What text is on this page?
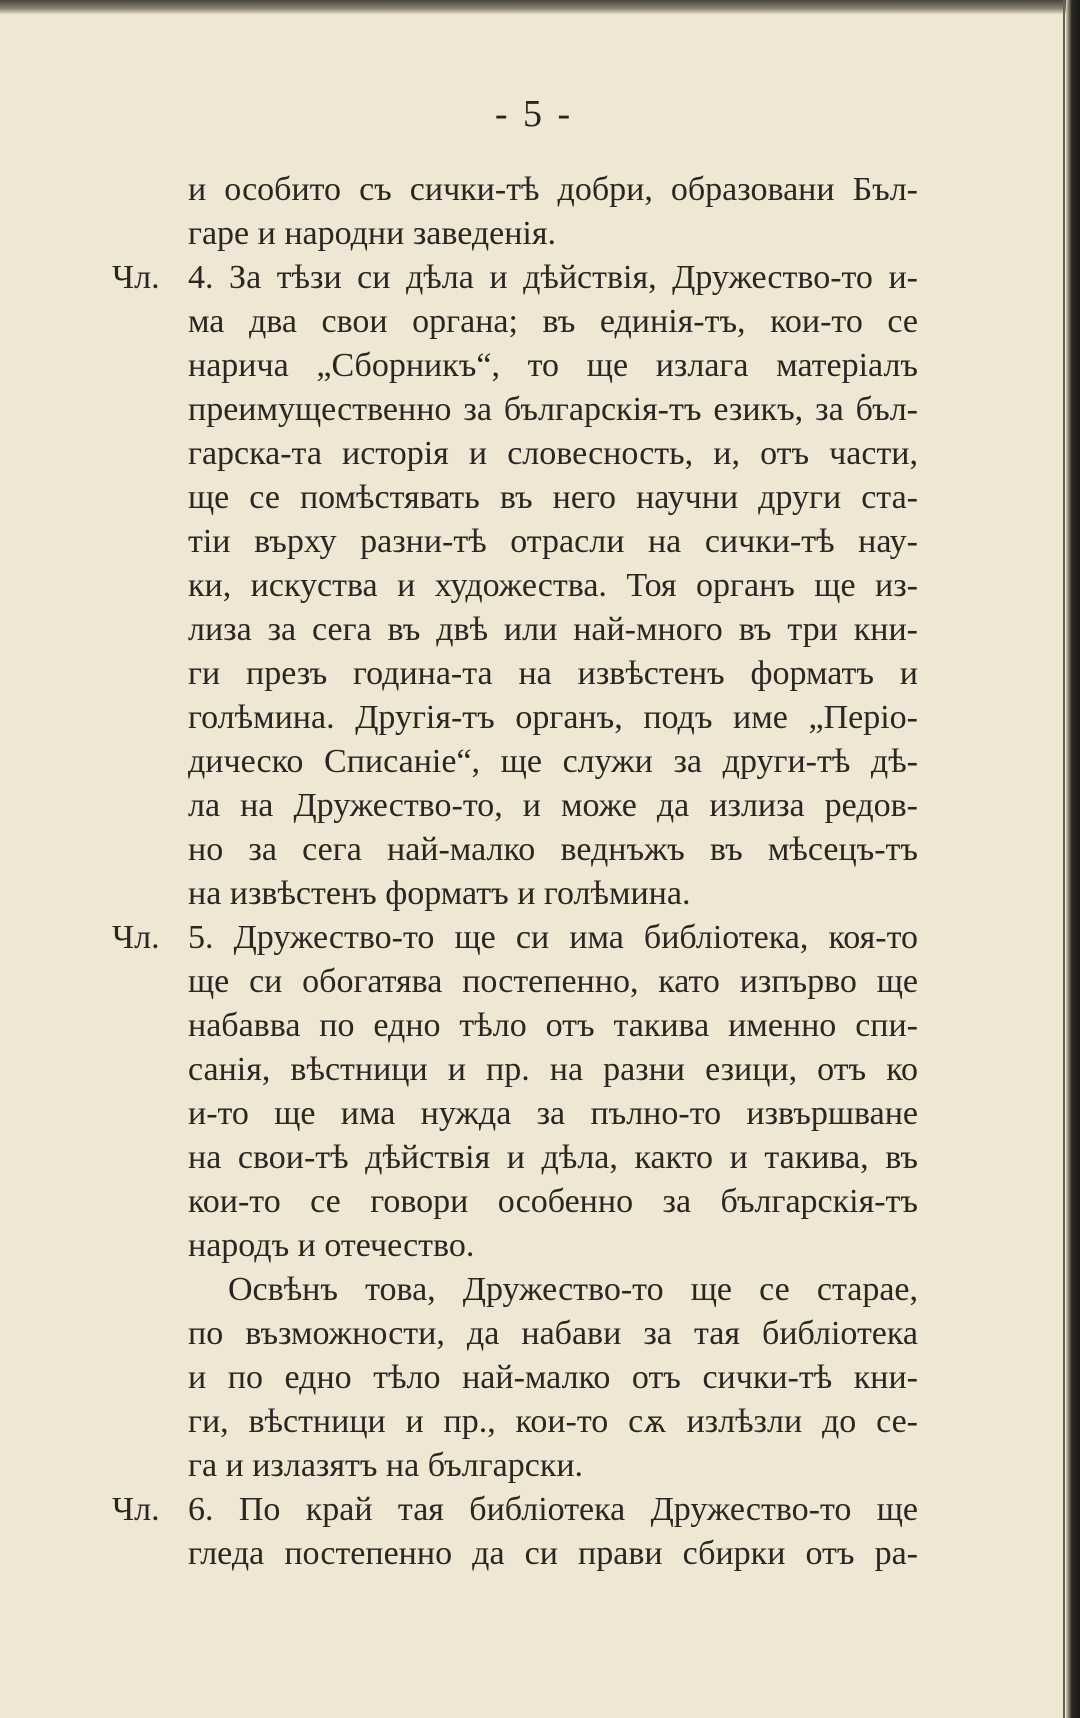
- 5 -
и особито съ сички-тѣ добри, образовани Бъл-
гаре и народни заведенія.
Чл. 4. За тѣзи си дѣла и дѣйствія, Дружество-то и-
ма два свои органа; въ единія-тъ, кои-то се
нарича „Сборникъ“, то ще излага матеріалъ
преимущественно за българскія-тъ езикъ, за бъл-
гарска-та исторія и словесность, и, отъ части,
ще се помѣстявать въ него научни други ста-
тіи върху разни-тѣ отрасли на сички-тѣ нау-
ки, искуства и художества. Тоя органъ ще из-
лиза за сега въ двѣ или най-много въ три кни-
ги презъ година-та на извѣстенъ форматъ и
голѣмина. Другія-тъ органъ, подъ име „Періо-
дическо Списаніе“, ще служи за други-тѣ дѣ-
ла на Дружество-то, и може да излиза редов-
но за сега най-малко веднъжъ въ мѣсецъ-тъ
на извѣстенъ форматъ и голѣмина.
Чл. 5. Дружество-то ще си има библіотека, коя-то
ще си обогатява постепенно, като изпърво ще
набавва по едно тѣло отъ такива именно спи-
санія, вѣстници и пр. на разни езици, отъ ко
и-то ще има нужда за пълно-то извършване
на свои-тѣ дѣйствія и дѣла, както и такива, въ
кои-то се говори особенно за българскія-тъ
народъ и отечество.
Освѣнъ това, Дружество-то ще се старае,
по възможности, да набави за тая библіотека
и по едно тѣло най-малко отъ сички-тѣ кни-
ги, вѣстници и пр., кои-то сѫ излѣзли до се-
га и излазятъ на български.
Чл. 6. По край тая библіотека Дружество-то ще
гледа постепенно да си прави сбирки отъ ра-
